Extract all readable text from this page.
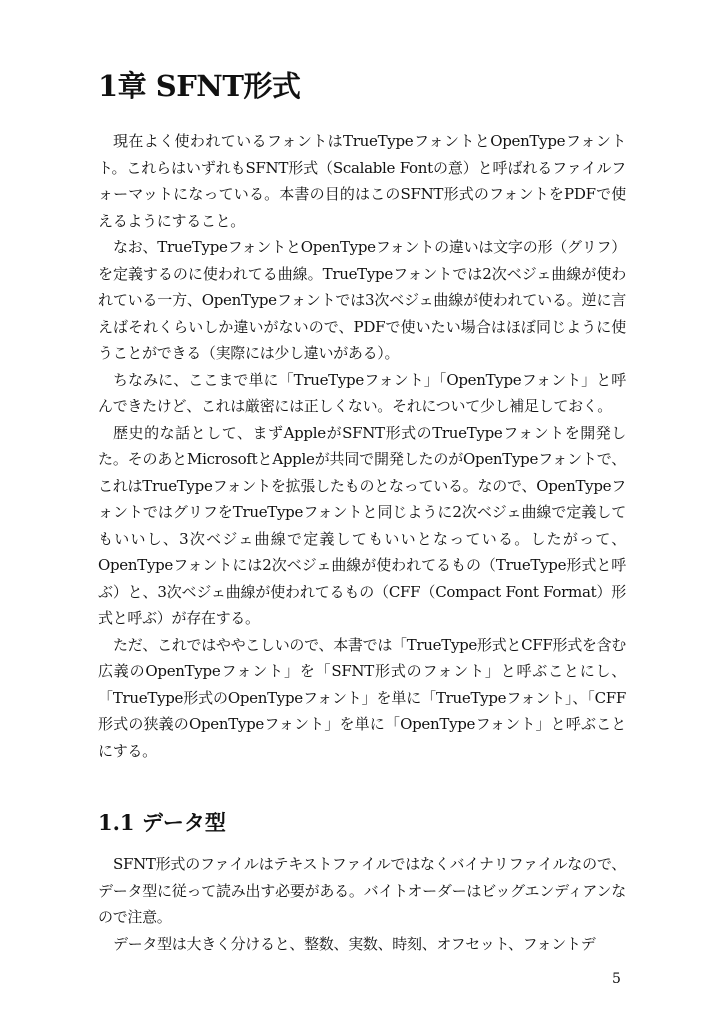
1章 SFNT形式

現在よく使われているフォントはTrueTypeフォントとOpenTypeフォントト。これらはいずれもSFNT形式（Scalable Fontの意）と呼ばれるファイルフォーマットになっている。本書の目的はこのSFNT形式のフォントをPDFで使えるようにすること。

なお、TrueTypeフォントとOpenTypeフォントの違いは文字の形（グリフ）を定義するのに使われてる曲線。TrueTypeフォントでは2次ベジェ曲線が使われている一方、OpenTypeフォントでは3次ベジェ曲線が使われている。逆に言えばそれくらいしか違いがないので、PDFで使いたい場合はほぼ同じように使うことができる（実際には少し違いがある）。

ちなみに、ここまで単に「TrueTypeフォント」「OpenTypeフォント」と呼んできたけど、これは厳密には正しくない。それについて少し補足しておく。

歴史的な話として、まずAppleがSFNT形式のTrueTypeフォントを開発した。そのあとMicrosoftとAppleが共同で開発したのがOpenTypeフォントで、これはTrueTypeフォントを拡張したものとなっている。なので、OpenTypeフォントではグリフをTrueTypeフォントと同じように2次ベジェ曲線で定義してもいいし、3次ベジェ曲線で定義してもいいとなっている。したがって、OpenTypeフォントには2次ベジェ曲線が使われてるもの（TrueType形式と呼ぶ）と、3次ベジェ曲線が使われてるもの（CFF（Compact Font Format）形式と呼ぶ）が存在する。

ただ、これではややこしいので、本書では「TrueType形式とCFF形式を含む広義のOpenTypeフォント」を「SFNT形式のフォント」と呼ぶことにし、「TrueType形式のOpenTypeフォント」を単に「TrueTypeフォント」、「CFF形式の狭義のOpenTypeフォント」を単に「OpenTypeフォント」と呼ぶことにする。

1.1 データ型

SFNT形式のファイルはテキストファイルではなくバイナリファイルなので、データ型に従って読み出す必要がある。バイトオーダーはビッグエンディアンなので注意。

データ型は大きく分けると、整数、実数、時刻、オフセット、フォントデ

5
